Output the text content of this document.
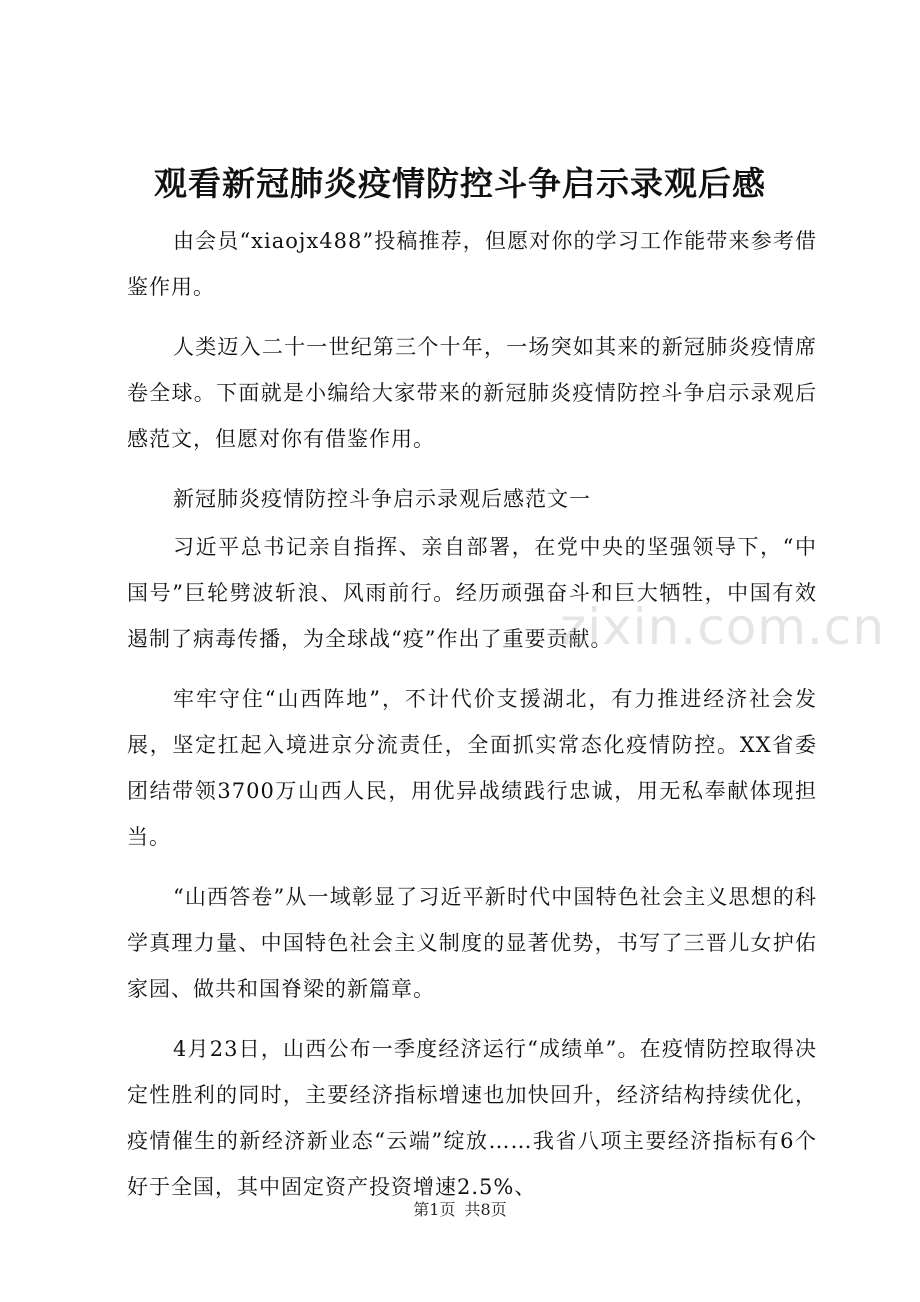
观看新冠肺炎疫情防控斗争启示录观后感

由会员“xiaojx488”投稿推荐，但愿对你的学习工作能带来参考借鉴作用。

人类迈入二十一世纪第三个十年，一场突如其来的新冠肺炎疫情席卷全球。下面就是小编给大家带来的新冠肺炎疫情防控斗争启示录观后感范文，但愿对你有借鉴作用。

新冠肺炎疫情防控斗争启示录观后感范文一

习近平总书记亲自指挥、亲自部署，在党中央的坚强领导下，“中国号”巨轮劈波斩浪、风雨前行。经历顽强奋斗和巨大牺牲，中国有效遏制了病毒传播，为全球战“疫”作出了重要贡献。

牢牢守住“山西阵地”，不计代价支援湖北，有力推进经济社会发展，坚定扛起入境进京分流责任，全面抓实常态化疫情防控。XX省委团结带领3700万山西人民，用优异战绩践行忠诚，用无私奉献体现担当。

“山西答卷”从一域彰显了习近平新时代中国特色社会主义思想的科学真理力量、中国特色社会主义制度的显著优势，书写了三晋儿女护佑家园、做共和国脊梁的新篇章。

4月23日，山西公布一季度经济运行“成绩单”。在疫情防控取得决定性胜利的同时，主要经济指标增速也加快回升，经济结构持续优化，疫情催生的新经济新业态“云端”绽放……我省八项主要经济指标有6个好于全国，其中固定资产投资增速2.5%、

zixin.com.cn
第1页 共8页
